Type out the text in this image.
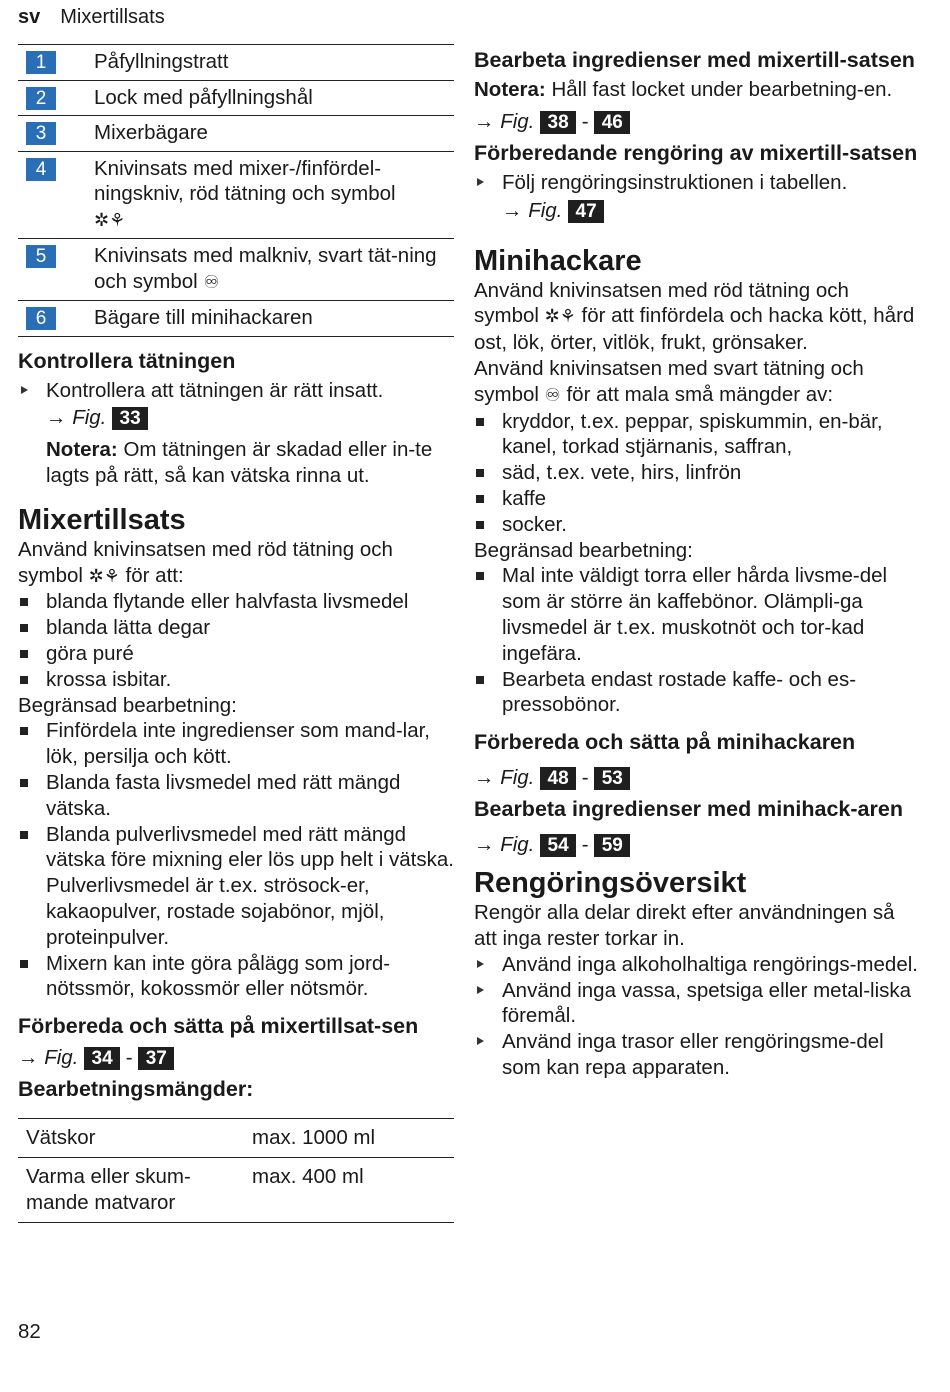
sv Mixertillsats
1	Påfyllningstratt
2	Lock med påfyllningshål
3	Mixerbägare
4	Knivinsats med mixer-/finfördel-ningskniv, röd tätning och symbol
✲⚘
5	Knivinsats med malkniv, svart tät-ning och symbol ♾
6	Bägare till minihackaren

Kontrollera tätningen

Kontrollera att tätningen är rätt insatt.
→ Fig. 33

Notera: Om tätningen är skadad eller in-te lagts på rätt, så kan vätska rinna ut.

Mixertillsats

Använd knivinsatsen med röd tätning och symbol ✲⚘ för att:

blanda flytande eller halvfasta livsmedel
blanda lätta degar
göra puré
krossa isbitar.

Begränsad bearbetning:

Finfördela inte ingredienser som mand-lar, lök, persilja och kött.
Blanda fasta livsmedel med rätt mängd vätska.
Blanda pulverlivsmedel med rätt mängd vätska före mixning eler lös upp helt i vätska. Pulverlivsmedel är t.ex. strösock-er, kakaopulver, rostade sojabönor, mjöl, proteinpulver.
Mixern kan inte göra pålägg som jord-nötssmör, kokossmör eller nötsmör.

Förbereda och sätta på mixertillsat-sen

→ Fig. 34 - 37

Bearbetningsmängder:

Vätskor	max. 1000 ml
Varma eller skum-mande matvaror	max. 400 ml

Bearbeta ingredienser med mixertill-satsen

Notera: Håll fast locket under bearbetning-en.

→ Fig. 38 - 46

Förberedande rengöring av mixertill-satsen

Följ rengöringsinstruktionen i tabellen.
→ Fig. 47

Minihackare

Använd knivinsatsen med röd tätning och symbol ✲⚘ för att finfördela och hacka kött, hård ost, lök, örter, vitlök, frukt, grönsaker.

Använd knivinsatsen med svart tätning och symbol ♾ för att mala små mängder av:

kryddor, t.ex. peppar, spiskummin, en-bär, kanel, torkad stjärnanis, saffran,
säd, t.ex. vete, hirs, linfrön
kaffe
socker.

Begränsad bearbetning:

Mal inte väldigt torra eller hårda livsme-del som är större än kaffebönor. Olämpli-ga livsmedel är t.ex. muskotnöt och tor-kad ingefära.
Bearbeta endast rostade kaffe- och es-pressobönor.

Förbereda och sätta på minihackaren

→ Fig. 48 - 53

Bearbeta ingredienser med minihack-aren

→ Fig. 54 - 59

Rengöringsöversikt

Rengör alla delar direkt efter användningen så att inga rester torkar in.

Använd inga alkoholhaltiga rengörings-medel.
Använd inga vassa, spetsiga eller metal-liska föremål.
Använd inga trasor eller rengöringsme-del som kan repa apparaten.
82
